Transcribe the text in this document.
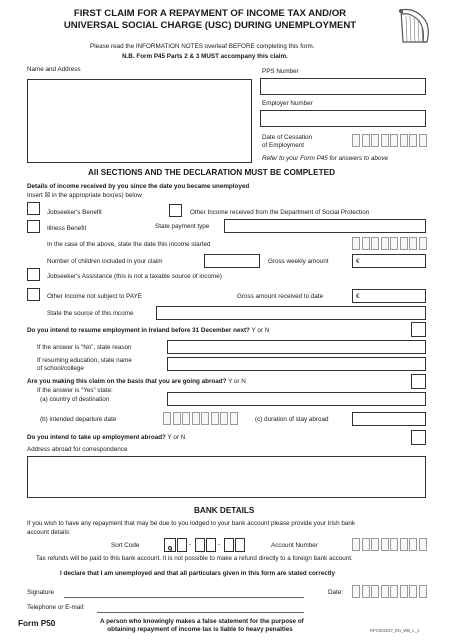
FIRST CLAIM FOR A REPAYMENT OF INCOME TAX AND/OR
UNIVERSAL SOCIAL CHARGE (USC) DURING UNEMPLOYMENT
Please read the INFORMATION NOTES overleaf BEFORE completing this form.
N.B. Form P45 Parts 2 & 3 MUST accompany this claim.
Name and Address	PPS Number
Employer Number
Date of Cessation
of Employment
Refer to your Form P45 for answers to above
All SECTIONS AND THE DECLARATION MUST BE COMPLETED
Details of income received by you since the date you became unemployed
Insert ☒ in the appropriate box(es) below
Jobseeker's Benefit	Other Income received from the Department of Social Protection
Illness Benefit	State payment type
In the case of the above, state the date this income started
Number of children included in your claim	Gross weekly amount	€
Jobseeker's Assistance (this is not a taxable source of income)
Other Income not subject to PAYE	Gross amount received to date	€
State the source of this income
Do you intend to resume employment in Ireland before 31 December next? Y or N
If the answer is “No”, state reason
If resuming education, state name
of school/college
Are you making this claim on the basis that you are going abroad? Y or N
If the answer is “Yes” state:
(a) country of destination
(b) intended departure date	(c) duration of stay abroad
Do you intend to take up employment abroad? Y or N
Address abroad for correspondence
BANK DETAILS
If you wish to have any repayment that may be due to you lodged to your bank account please provide your Irish bank
account details:
Sort Code	9
-	-	Account Number
Tax refunds will be paid to this bank account. It is not possible to make a refund directly to a foreign bank account.
I declare that I am unemployed and that all particulars given in this form are stated correctly
Signature	Date:
Telephone or E-mail:
Form P50	A person who knowingly makes a false statement for the purpose of
obtaining repayment of income tax is liable to heavy penalties	RPC002037_EN_WB_L_1
